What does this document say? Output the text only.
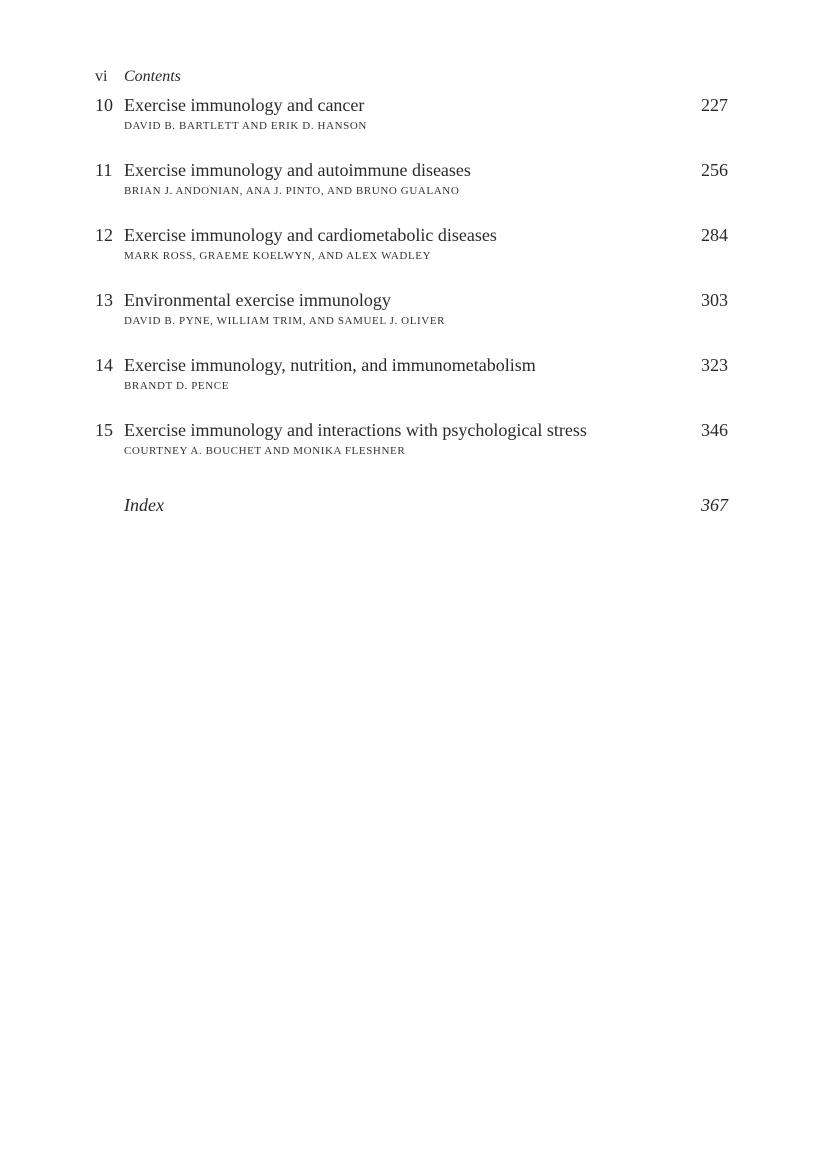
vi Contents
10 Exercise immunology and cancer	227
DAVID B. BARTLETT AND ERIK D. HANSON
11 Exercise immunology and autoimmune diseases	256
BRIAN J. ANDONIAN, ANA J. PINTO, AND BRUNO GUALANO
12 Exercise immunology and cardiometabolic diseases	284
MARK ROSS, GRAEME KOELWYN, AND ALEX WADLEY
13 Environmental exercise immunology	303
DAVID B. PYNE, WILLIAM TRIM, AND SAMUEL J. OLIVER
14 Exercise immunology, nutrition, and immunometabolism	323
BRANDT D. PENCE
15 Exercise immunology and interactions with psychological stress	346
COURTNEY A. BOUCHET AND MONIKA FLESHNER
Index	367
